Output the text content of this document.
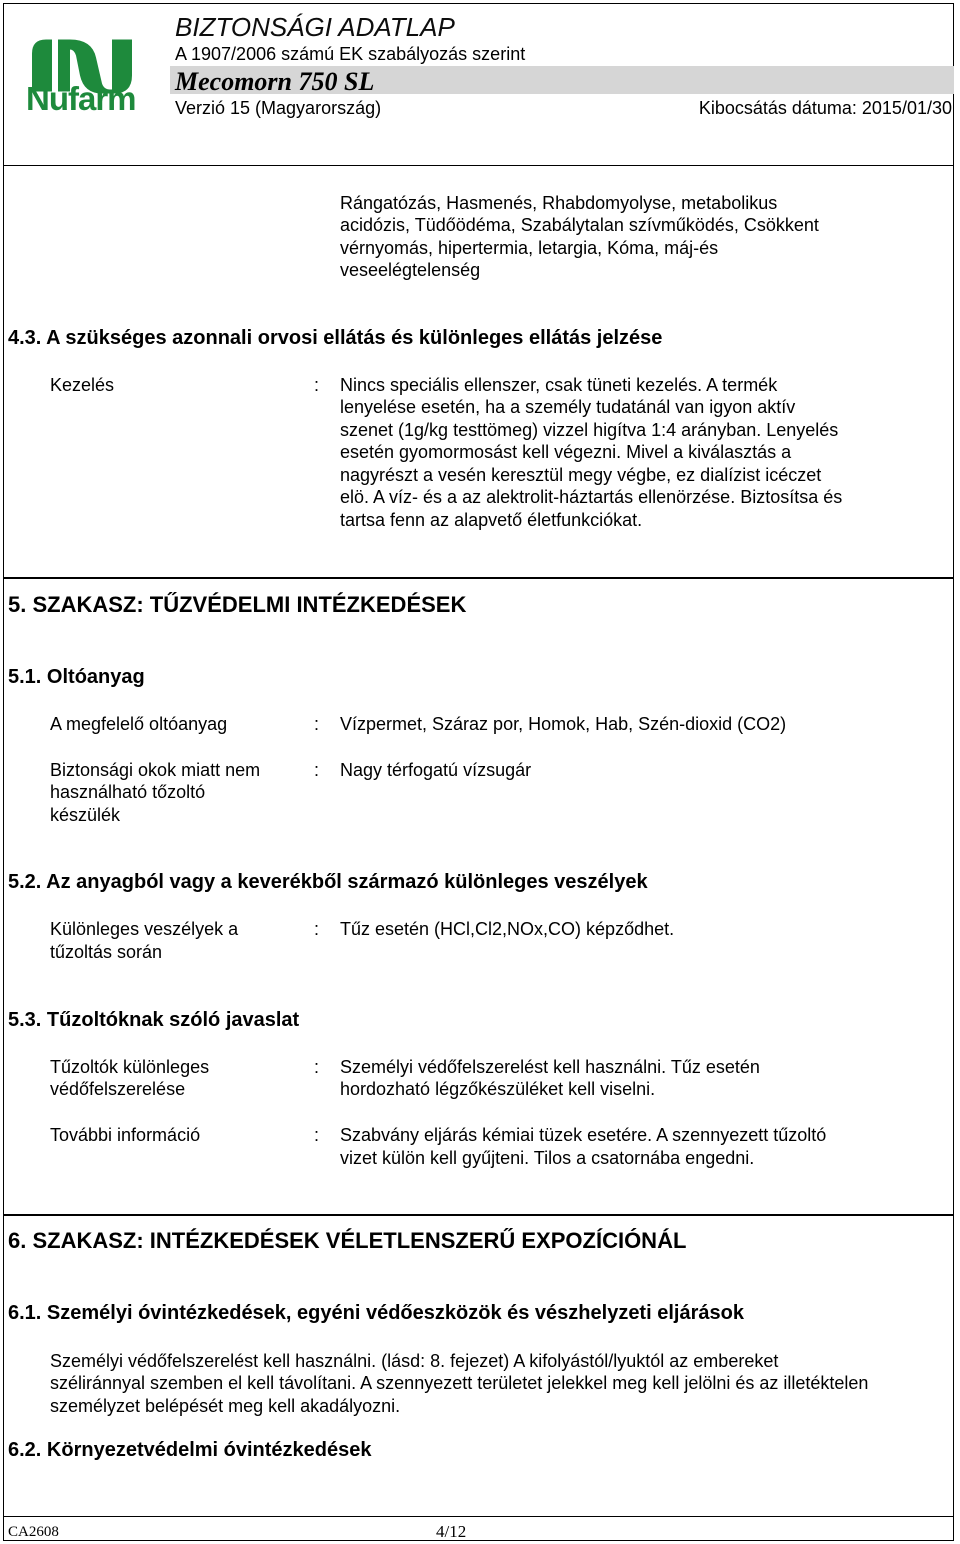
Nufarm
BIZTONSÁGI ADATLAP
A 1907/2006 számú EK szabályozás szerint
Mecomorn 750 SL
Verzió 15 (Magyarország)	Kibocsátás dátuma: 2015/01/30
Rángatózás, Hasmenés, Rhabdomyolyse, metabolikus
acidózis, Tüdőödéma, Szabálytalan szívműködés, Csökkent
vérnyomás, hipertermia, letargia, Kóma, máj-és
veseelégtelenség
4.3. A szükséges azonnali orvosi ellátás és különleges ellátás jelzése
Kezelés	: Nincs speciális ellenszer, csak tüneti kezelés. A termék
lenyelése esetén, ha a személy tudatánál van igyon aktív
szenet (1g/kg testtömeg) vizzel higítva 1:4 arányban. Lenyelés
esetén gyomormosást kell végezni. Mivel a kiválasztás a
nagyrészt a vesén keresztül megy végbe, ez dialízist icéczet
elö. A víz- és a az alektrolit-háztartás ellenörzése. Biztosítsa és
tartsa fenn az alapvető életfunkciókat.
5. SZAKASZ: TŰZVÉDELMI INTÉZKEDÉSEK
5.1. Oltóanyag
A megfelelő oltóanyag	: Vízpermet, Száraz por, Homok, Hab, Szén-dioxid (CO2)
Biztonsági okok miatt nem
használható tőzoltó
készülék
: Nagy térfogatú vízsugár
5.2. Az anyagból vagy a keverékből származó különleges veszélyek
Különleges veszélyek a
tűzoltás során
: Tűz esetén (HCl,Cl2,NOx,CO) képződhet.
5.3. Tűzoltóknak szóló javaslat
Tűzoltók különleges
védőfelszerelése
: Személyi védőfelszerelést kell használni. Tűz esetén
hordozható légzőkészüléket kell viselni.
További információ	: Szabvány eljárás kémiai tüzek esetére. A szennyezett tűzoltó
vizet külön kell gyűjteni. Tilos a csatornába engedni.
6. SZAKASZ: INTÉZKEDÉSEK VÉLETLENSZERŰ EXPOZÍCIÓNÁL
6.1. Személyi óvintézkedések, egyéni védőeszközök és vészhelyzeti eljárások
Személyi védőfelszerelést kell használni. (lásd: 8. fejezet) A kifolyástól/lyuktól az embereket
széliránnyal szemben el kell távolítani. A szennyezett területet jelekkel meg kell jelölni és az illetéktelen
személyzet belépését meg kell akadályozni.
6.2. Környezetvédelmi óvintézkedések
CA2608	4/12
